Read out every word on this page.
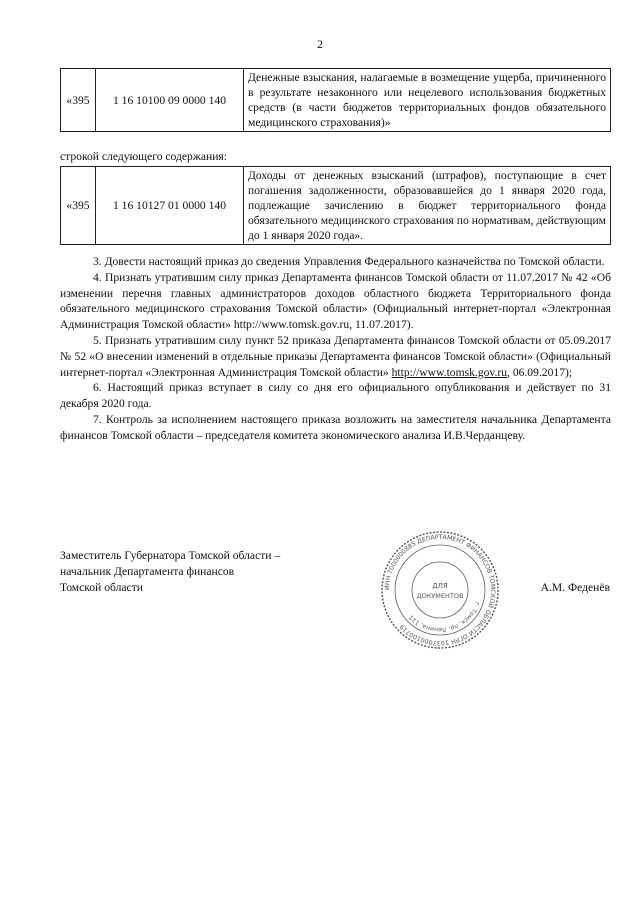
2
«395	1 16 10100 09 0000 140	Денежные взыскания, налагаемые в возмещение ущерба, причиненного в результате незаконного или нецелевого использования бюджетных средств (в части бюджетов территориальных фондов обязательного медицинского страхования)»
строкой следующего содержания:
«395	1 16 10127 01 0000 140	Доходы от денежных взысканий (штрафов), поступающие в счет погашения задолженности, образовавшейся до 1 января 2020 года, подлежащие зачислению в бюджет территориального фонда обязательного медицинского страхования по нормативам, действующим до 1 января 2020 года».

3. Довести настоящий приказ до сведения Управления Федерального казначейства по Томской области.

4. Признать утратившим силу приказ Департамента финансов Томской области от 11.07.2017 № 42 «Об изменении перечня главных администраторов доходов областного бюджета Территориального фонда обязательного медицинского страхования Томской области» (Официальный интернет-портал «Электронная Администрация Томской области» http://www.tomsk.gov.ru, 11.07.2017).

5. Признать утратившим силу пункт 52 приказа Департамента финансов Томской области от 05.09.2017 № 52 «О внесении изменений в отдельные приказы Департамента финансов Томской области» (Официальный интернет-портал «Электронная Администрация Томской области» http://www.tomsk.gov.ru, 06.09.2017);

6. Настоящий приказ вступает в силу со дня его официального опубликования и действует по 31 декабря 2020 года.

7. Контроль за исполнением настоящего приказа возложить на заместителя начальника Департамента финансов Томской области – председателя комитета экономического анализа И.В.Черданцеву.

Заместитель Губернатора Томской области –
начальник Департамента финансов
Томской области	А.М. Феденёв
ИНН 7000000885 ДЕПАРТАМЕНТ ФИНАНСОВ ТОМСКОЙ ОБЛАСТИ ОГРН 1037000100719
г. Томск, пр. Ленина, 111
ДЛЯ
ДОКУМЕНТОВ
